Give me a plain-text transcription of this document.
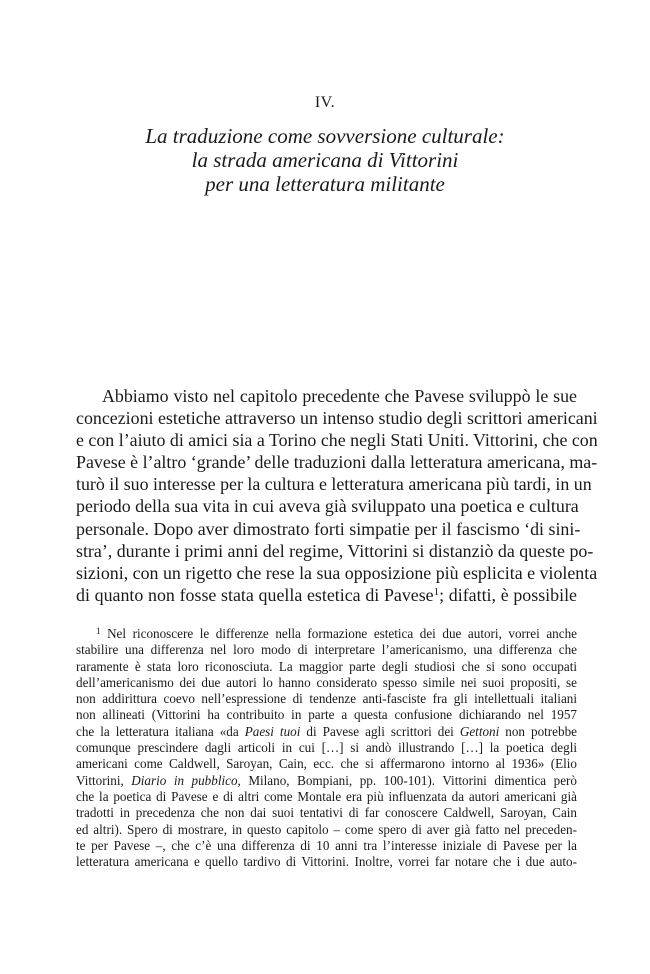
IV.
La traduzione come sovversione culturale:
la strada americana di Vittorini
per una letteratura militante
Abbiamo visto nel capitolo precedente che Pavese sviluppò le sue
concezioni estetiche attraverso un intenso studio degli scrittori americani
e con l’aiuto di amici sia a Torino che negli Stati Uniti. Vittorini, che con
Pavese è l’altro ‘grande’ delle traduzioni dalla letteratura americana, ma-
turò il suo interesse per la cultura e letteratura americana più tardi, in un
periodo della sua vita in cui aveva già sviluppato una poetica e cultura
personale. Dopo aver dimostrato forti simpatie per il fascismo ‘di sini-
stra’, durante i primi anni del regime, Vittorini si distanziò da queste po-
sizioni, con un rigetto che rese la sua opposizione più esplicita e violenta
di quanto non fosse stata quella estetica di Pavese$^1$; difatti, è possibile
$^1$ Nel riconoscere le differenze nella formazione estetica dei due autori, vorrei anche
stabilire una differenza nel loro modo di interpretare l’americanismo, una differenza che
raramente è stata loro riconosciuta. La maggior parte degli studiosi che si sono occupati
dell’americanismo dei due autori lo hanno considerato spesso simile nei suoi propositi, se
non addirittura coevo nell’espressione di tendenze anti-fasciste fra gli intellettuali italiani
non allineati (Vittorini ha contribuito in parte a questa confusione dichiarando nel 1957
che la letteratura italiana «da Paesi tuoi di Pavese agli scrittori dei Gettoni non potrebbe
comunque prescindere dagli articoli in cui […] si andò illustrando […] la poetica degli
americani come Caldwell, Saroyan, Cain, ecc. che si affermarono intorno al 1936» (Elio
Vittorini, Diario in pubblico, Milano, Bompiani, pp. 100-101). Vittorini dimentica però
che la poetica di Pavese e di altri come Montale era più influenzata da autori americani già
tradotti in precedenza che non dai suoi tentativi di far conoscere Caldwell, Saroyan, Cain
ed altri). Spero di mostrare, in questo capitolo – come spero di aver già fatto nel preceden-
te per Pavese –, che c’è una differenza di 10 anni tra l’interesse iniziale di Pavese per la
letteratura americana e quello tardivo di Vittorini. Inoltre, vorrei far notare che i due auto-
